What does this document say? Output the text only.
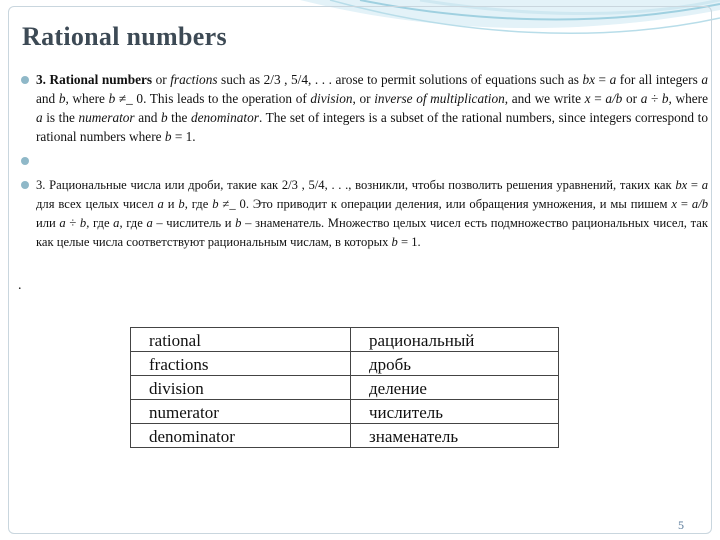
Rational numbers
3. Rational numbers or fractions such as 2/3 , 5/4, . . . arose to permit solutions of equations such as bx = a for all integers a and b, where b ≠_ 0. This leads to the operation of division, or inverse of multiplication, and we write x = a/b or a ÷ b, where a is the numerator and b the denominator. The set of integers is a subset of the rational numbers, since integers correspond to rational numbers where b = 1.
3. Рациональные числа или дроби, такие как 2/3 , 5/4, . . ., возникли, чтобы позволить решения уравнений, таких как bx = a для всех целых чисел a и b, где b ≠_ 0. Это приводит к операции деления, или обращения умножения, и мы пишем x = a/b или a ÷ b, где a, где a – числитель и b – знаменатель. Множество целых чисел есть подмножество рациональных чисел, так как целые числа соответствуют рациональным числам, в которых b = 1.
.
rational	рациональный
fractions	дробь
division	деление
numerator	числитель
denominator	знаменатель
5
